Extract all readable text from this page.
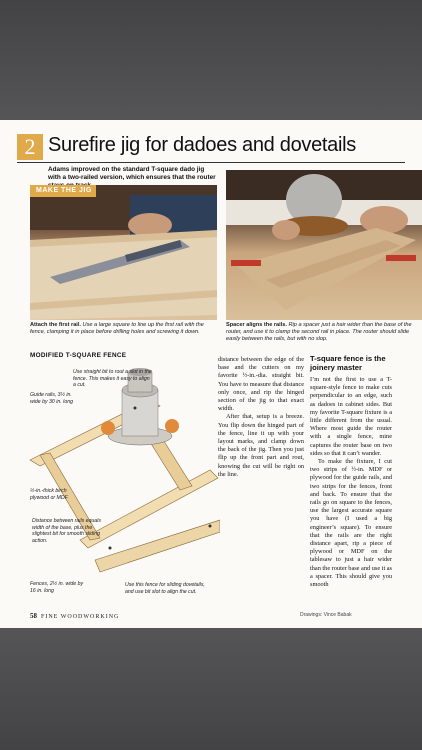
2 Surefire jig for dadoes and dovetails
Adams improved on the standard T-square dado jig with a two-railed version, which ensures that the router
MAKE THE JIG
Attach the first rail. Use a large square to line up the first rail with the fence, clamping it in place before drilling holes and screwing it down.
Spacer aligns the rails. Rip a spacer just a hair wider than the base of the router, and use it to clamp the second rail in place. The router should slide easily between the rails, but with no slop.
MODIFIED T-SQUARE FENCE
Use straight bit to rout a slot in the fence. This makes it easy to align a cut.
Guide rails, 3½ in. wide by 30 in. long
½-in.-thick birch plywood or MDF
Distance between rails equals width of the base, plus the slightest bit for smooth sliding action.
Fences, 2½ in. wide by 16 in. long
Use this fence for sliding dovetails, and use bit slot to align the cut.
distance between the edge of the base and the cutters on my favorite ½-in.-dia. straight bit. You have to measure that distance only once, and rip the hinged section of the jig to that exact width.
After that, setup is a breeze. You flip down the hinged part of the fence, line it up with your layout marks, and clamp down the back of the jig. Then you just flip up the front part and rout, knowing the cut will be right on the line.
T-square fence is the joinery master
I’m not the first to use a T-square-style fence to make cuts perpendicular to an edge, such as dadoes in cabinet sides. But my favorite T-square fixture is a little different from the usual. Where most guide the router with a single fence, mine captures the router base on two sides so that it can’t wander.
To make the fixture, I cut two strips of ½-in. MDF or plywood for the guide rails, and two strips for the fences, front and back. To ensure that the rails go on square to the fences, use the largest accurate square you have (I used a big engineer’s square). To ensure that the rails are the right distance apart, rip a piece of plywood or MDF on the tablesaw to just a hair wider than the router base and use it as a spacer. This should give you smooth
58 FINE WOODWORKING	Drawings: Vince Babak
